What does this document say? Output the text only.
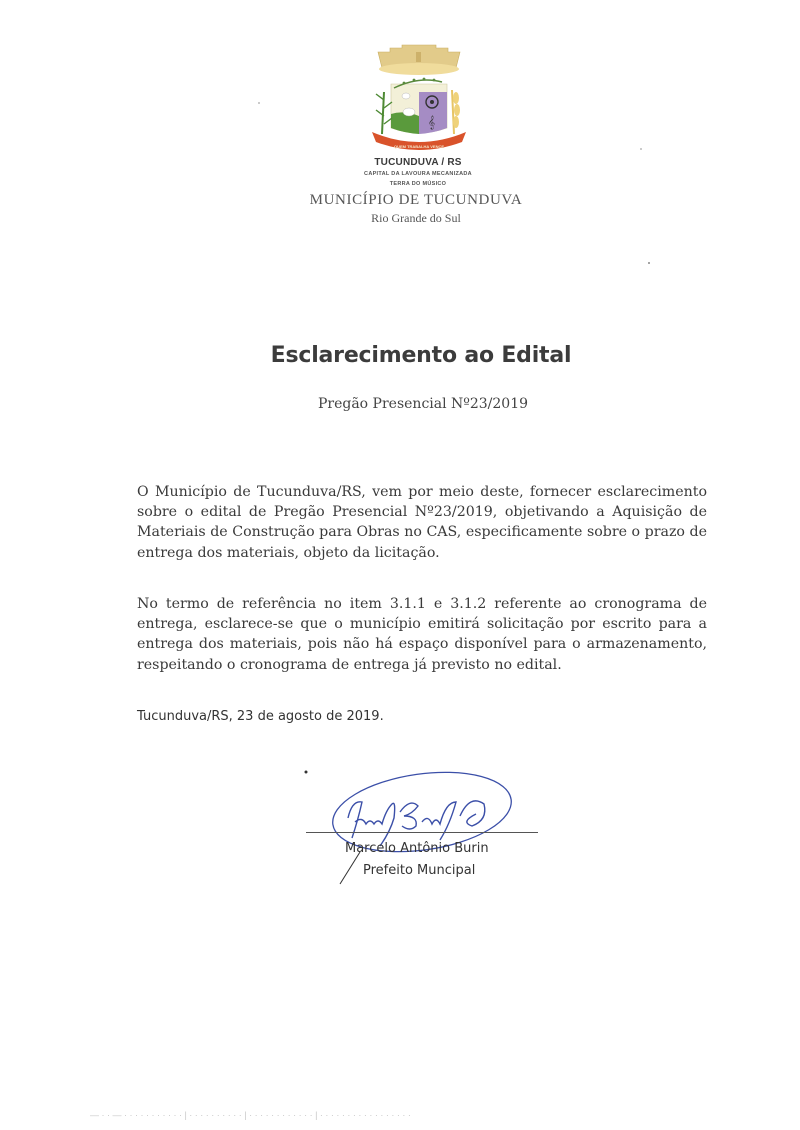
𝄞
QUEM TRABALHA VENCE
TUCUNDUVA / RS
CAPITAL DA LAVOURA MECANIZADA
TERRA DO MÚSICO
MUNICÍPIO DE TUCUNDUVA
Rio Grande do Sul
Esclarecimento ao Edital
Pregão Presencial Nº23/2019

O Município de Tucunduva/RS, vem por meio deste, fornecer esclarecimento sobre o edital de Pregão Presencial Nº23/2019, objetivando a Aquisição de Materiais de Construção para Obras no CAS, especificamente sobre o prazo de entrega dos materiais, objeto da licitação.

No termo de referência no item 3.1.1 e 3.1.2 referente ao cronograma de entrega, esclarece-se que o município emitirá solicitação por escrito para a entrega dos materiais, pois não há espaço disponível para o armazenamento, respeitando o cronograma de entrega já previsto no edital.

Tucunduva/RS, 23 de agosto de 2019.
Marcelo Antônio Burin
Prefeito Muncipal
— · · — · · · · · · · · · · · | · · · · · · · · · · | · · · · · · · · · · · · | · · · · · · · · · · · · · · · · ·
